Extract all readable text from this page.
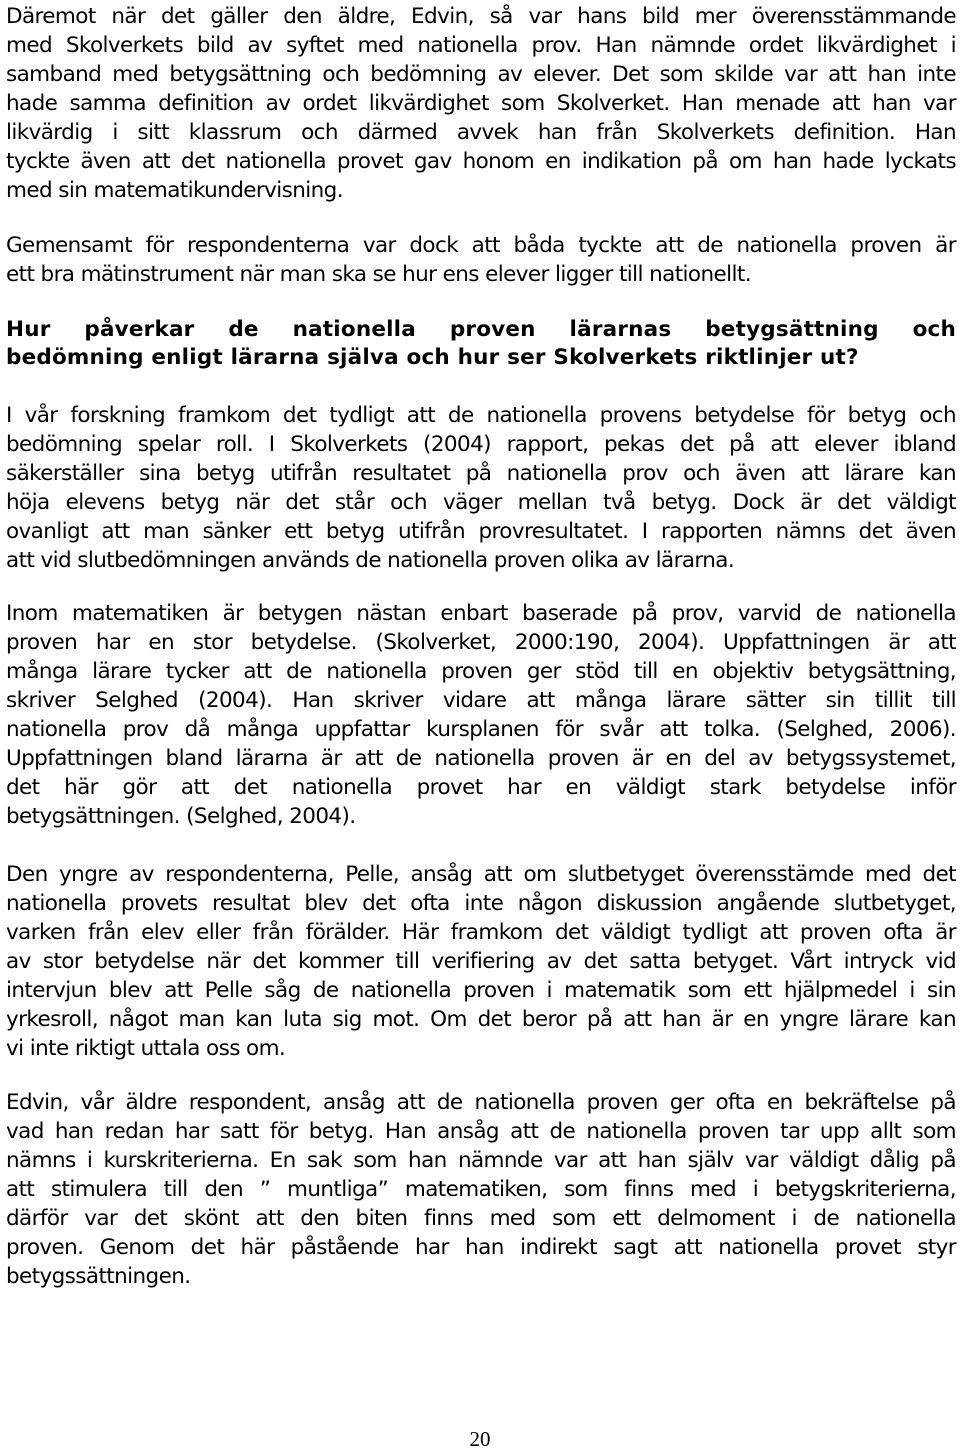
Däremot när det gäller den äldre, Edvin, så var hans bild mer överensstämmande
med Skolverkets bild av syftet med nationella prov. Han nämnde ordet likvärdighet i
samband med betygsättning och bedömning av elever. Det som skilde var att han inte
hade samma definition av ordet likvärdighet som Skolverket. Han menade att han var
likvärdig i sitt klassrum och därmed avvek han från Skolverkets definition. Han
tyckte även att det nationella provet gav honom en indikation på om han hade lyckats
med sin matematikundervisning.
Gemensamt för respondenterna var dock att båda tyckte att de nationella proven är
ett bra mätinstrument när man ska se hur ens elever ligger till nationellt.
Hur påverkar de nationella proven lärarnas betygsättning och
bedömning enligt lärarna själva och hur ser Skolverkets riktlinjer ut?
I vår forskning framkom det tydligt att de nationella provens betydelse för betyg och
bedömning spelar roll. I Skolverkets (2004) rapport, pekas det på att elever ibland
säkerställer sina betyg utifrån resultatet på nationella prov och även att lärare kan
höja elevens betyg när det står och väger mellan två betyg. Dock är det väldigt
ovanligt att man sänker ett betyg utifrån provresultatet. I rapporten nämns det även
att vid slutbedömningen används de nationella proven olika av lärarna.
Inom matematiken är betygen nästan enbart baserade på prov, varvid de nationella
proven har en stor betydelse. (Skolverket, 2000:190, 2004). Uppfattningen är att
många lärare tycker att de nationella proven ger stöd till en objektiv betygsättning,
skriver Selghed (2004). Han skriver vidare att många lärare sätter sin tillit till
nationella prov då många uppfattar kursplanen för svår att tolka. (Selghed, 2006).
Uppfattningen bland lärarna är att de nationella proven är en del av betygssystemet,
det här gör att det nationella provet har en väldigt stark betydelse inför
betygsättningen. (Selghed, 2004).
Den yngre av respondenterna, Pelle, ansåg att om slutbetyget överensstämde med det
nationella provets resultat blev det ofta inte någon diskussion angående slutbetyget,
varken från elev eller från förälder. Här framkom det väldigt tydligt att proven ofta är
av stor betydelse när det kommer till verifiering av det satta betyget. Vårt intryck vid
intervjun blev att Pelle såg de nationella proven i matematik som ett hjälpmedel i sin
yrkesroll, något man kan luta sig mot. Om det beror på att han är en yngre lärare kan
vi inte riktigt uttala oss om.
Edvin, vår äldre respondent, ansåg att de nationella proven ger ofta en bekräftelse på
vad han redan har satt för betyg. Han ansåg att de nationella proven tar upp allt som
nämns i kurskriterierna. En sak som han nämnde var att han själv var väldigt dålig på
att stimulera till den ” muntliga” matematiken, som finns med i betygskriterierna,
därför var det skönt att den biten finns med som ett delmoment i de nationella
proven. Genom det här påstående har han indirekt sagt att nationella provet styr
betygssättningen.
20
